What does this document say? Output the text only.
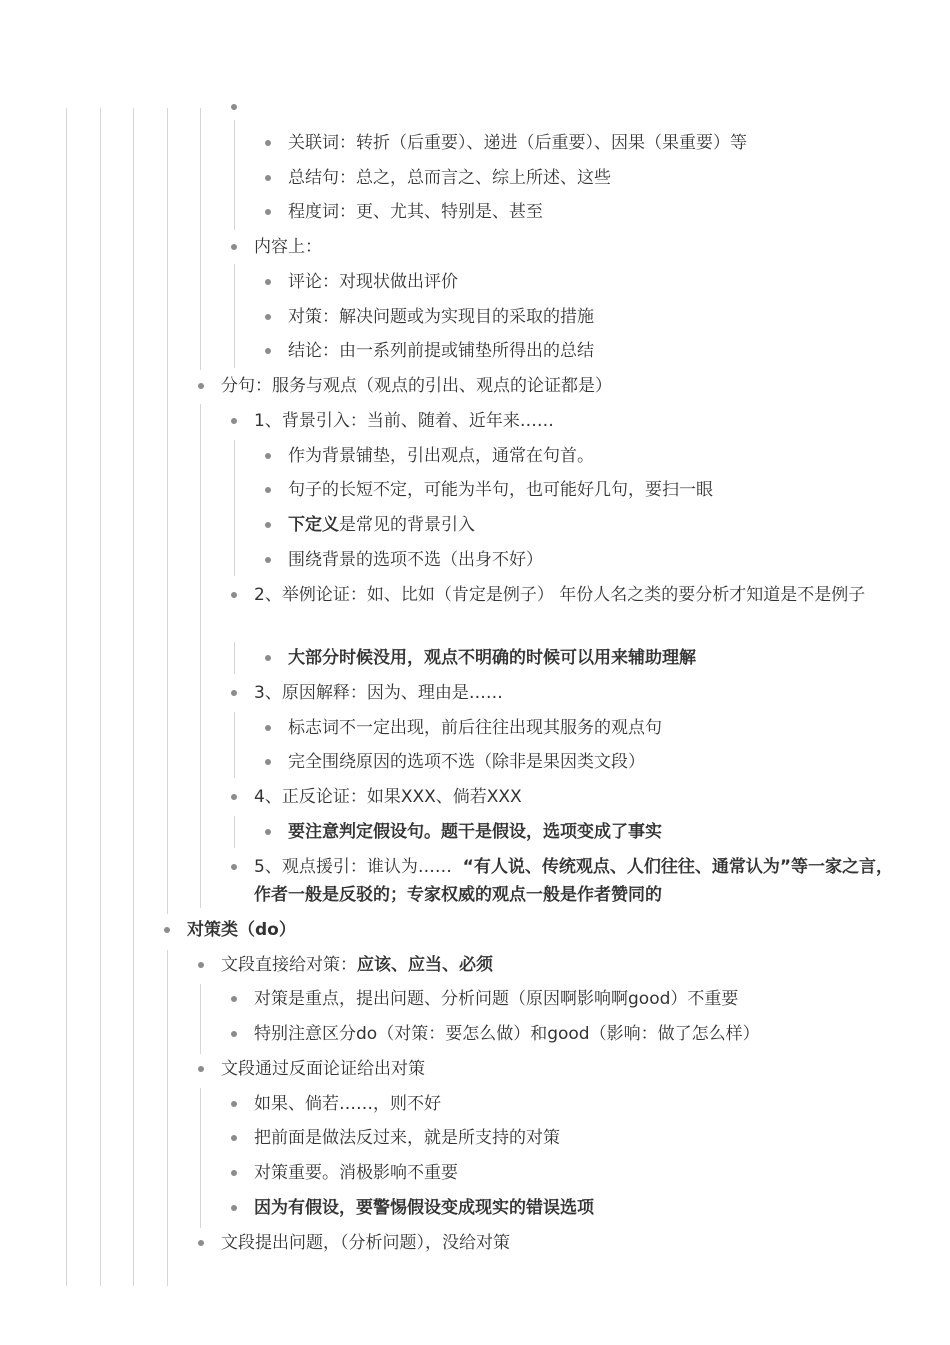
关联词：转折（后重要）、递进（后重要）、因果（果重要）等
总结句：总之，总而言之、综上所述、这些
程度词：更、尤其、特别是、甚至
内容上：
评论：对现状做出评价
对策：解决问题或为实现目的采取的措施
结论：由一系列前提或铺垫所得出的总结
分句：服务与观点（观点的引出、观点的论证都是）
1、背景引入：当前、随着、近年来……
作为背景铺垫，引出观点，通常在句首。
句子的长短不定，可能为半句，也可能好几句，要扫一眼
下定义是常见的背景引入
围绕背景的选项不选（出身不好）
2、举例论证：如、比如（肯定是例子） 年份人名之类的要分析才知道是不是例子
大部分时候没用，观点不明确的时候可以用来辅助理解
3、原因解释：因为、理由是……
标志词不一定出现，前后往往出现其服务的观点句
完全围绕原因的选项不选（除非是果因类文段）
4、正反论证：如果XXX、倘若XXX
要注意判定假设句。题干是假设，选项变成了事实
5、观点援引：谁认为…… “有人说、传统观点、人们往往、通常认为”等一家之言，作者一般是反驳的；专家权威的观点一般是作者赞同的
对策类（do）
文段直接给对策：应该、应当、必须
对策是重点，提出问题、分析问题（原因啊影响啊good）不重要
特别注意区分do（对策：要怎么做）和good（影响：做了怎么样）
文段通过反面论证给出对策
如果、倘若……，则不好
把前面是做法反过来，就是所支持的对策
对策重要。消极影响不重要
因为有假设，要警惕假设变成现实的错误选项
文段提出问题，（分析问题），没给对策
